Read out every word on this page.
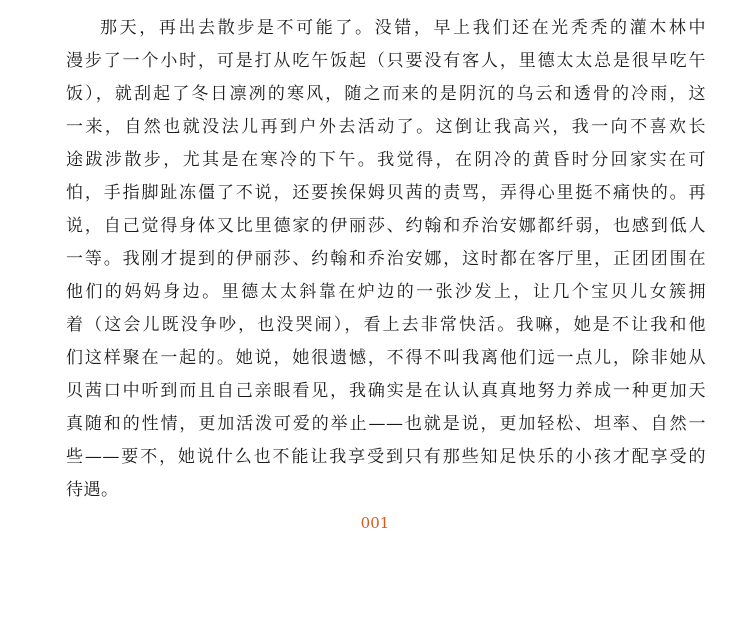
那天，再出去散步是不可能了。没错，早上我们还在光秃秃的灌木林中
漫步了一个小时，可是打从吃午饭起（只要没有客人，里德太太总是很早吃午
饭），就刮起了冬日凛冽的寒风，随之而来的是阴沉的乌云和透骨的冷雨，这
一来，自然也就没法儿再到户外去活动了。这倒让我高兴，我一向不喜欢长
途跋涉散步，尤其是在寒冷的下午。我觉得，在阴冷的黄昏时分回家实在可
怕，手指脚趾冻僵了不说，还要挨保姆贝茜的责骂，弄得心里挺不痛快的。再
说，自己觉得身体又比里德家的伊丽莎、约翰和乔治安娜都纤弱，也感到低人
一等。我刚才提到的伊丽莎、约翰和乔治安娜，这时都在客厅里，正团团围在
他们的妈妈身边。里德太太斜靠在炉边的一张沙发上，让几个宝贝儿女簇拥
着（这会儿既没争吵，也没哭闹），看上去非常快活。我嘛，她是不让我和他
们这样聚在一起的。她说，她很遗憾，不得不叫我离他们远一点儿，除非她从
贝茜口中听到而且自己亲眼看见，我确实是在认认真真地努力养成一种更加天
真随和的性情，更加活泼可爱的举止——也就是说，更加轻松、坦率、自然一
些——要不，她说什么也不能让我享受到只有那些知足快乐的小孩才配享受的
待遇。
001
